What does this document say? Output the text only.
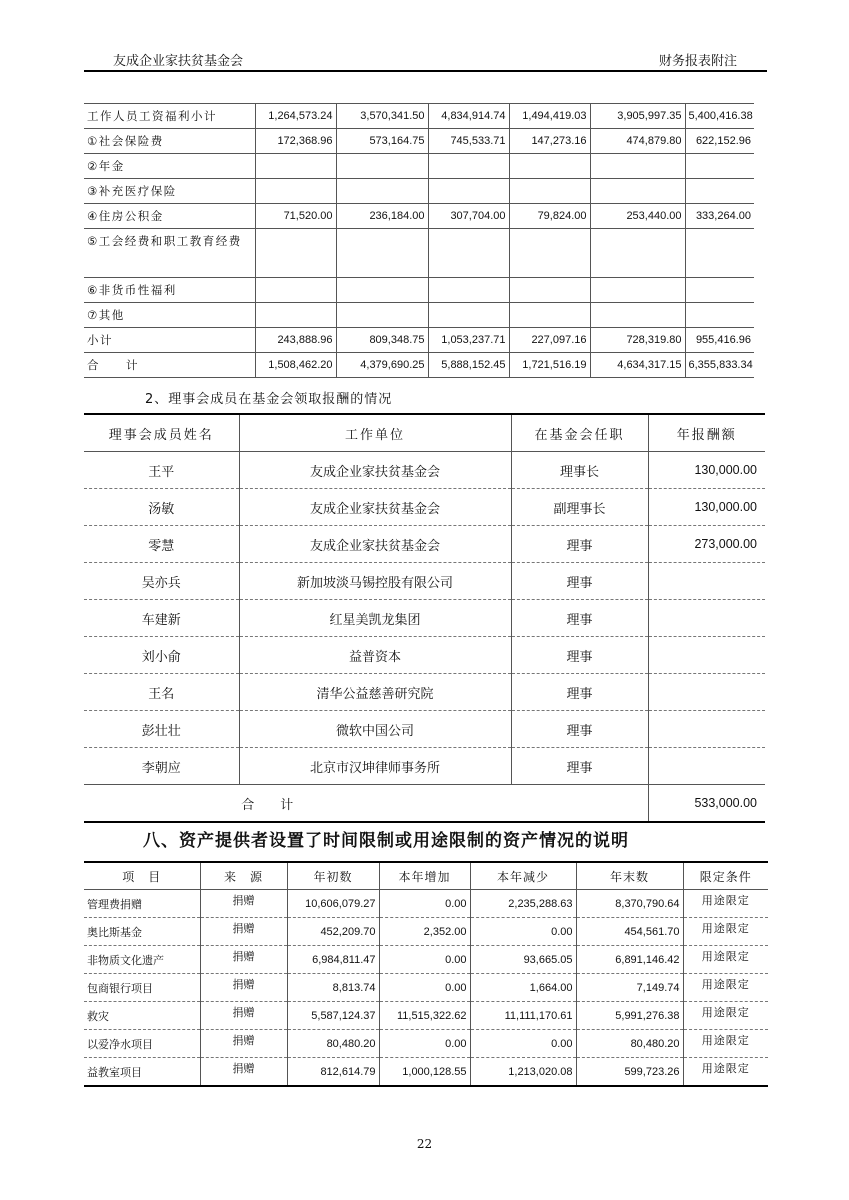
友成企业家扶贫基金会	财务报表附注
工作人员工资福利小计	1,264,573.24	3,570,341.50	4,834,914.74	1,494,419.03	3,905,997.35	5,400,416.38
①社会保险费	172,368.96	573,164.75	745,533.71	147,273.16	474,879.80	622,152.96
②年金						
③补充医疗保险						
④住房公积金	71,520.00	236,184.00	307,704.00	79,824.00	253,440.00	333,264.00
⑤工会经费和职工教育经费						
⑥非货币性福利						
⑦其他						
小计	243,888.96	809,348.75	1,053,237.71	227,097.16	728,319.80	955,416.96
合　　计	1,508,462.20	4,379,690.25	5,888,152.45	1,721,516.19	4,634,317.15	6,355,833.34
2、理事会成员在基金会领取报酬的情况
理事会成员姓名	工作单位	在基金会任职	年报酬额
王平	友成企业家扶贫基金会	理事长	130,000.00
汤敏	友成企业家扶贫基金会	副理事长	130,000.00
零慧	友成企业家扶贫基金会	理事	273,000.00
吴亦兵	新加坡淡马锡控股有限公司	理事	
车建新	红星美凯龙集团	理事	
刘小俞	益普资本	理事	
王名	清华公益慈善研究院	理事	
彭壮壮	微软中国公司	理事	
李朝应	北京市汉坤律师事务所	理事	
合　　计			533,000.00
八、资产提供者设置了时间限制或用途限制的资产情况的说明
项　目	来　源	年初数	本年增加	本年减少	年末数	限定条件
管理费捐赠	捐赠	10,606,079.27	0.00	2,235,288.63	8,370,790.64	用途限定
奥比斯基金	捐赠	452,209.70	2,352.00	0.00	454,561.70	用途限定
非物质文化遗产	捐赠	6,984,811.47	0.00	93,665.05	6,891,146.42	用途限定
包商银行项目	捐赠	8,813.74	0.00	1,664.00	7,149.74	用途限定
救灾	捐赠	5,587,124.37	11,515,322.62	11,111,170.61	5,991,276.38	用途限定
以爱净水项目	捐赠	80,480.20	0.00	0.00	80,480.20	用途限定
益教室项目	捐赠	812,614.79	1,000,128.55	1,213,020.08	599,723.26	用途限定
22
